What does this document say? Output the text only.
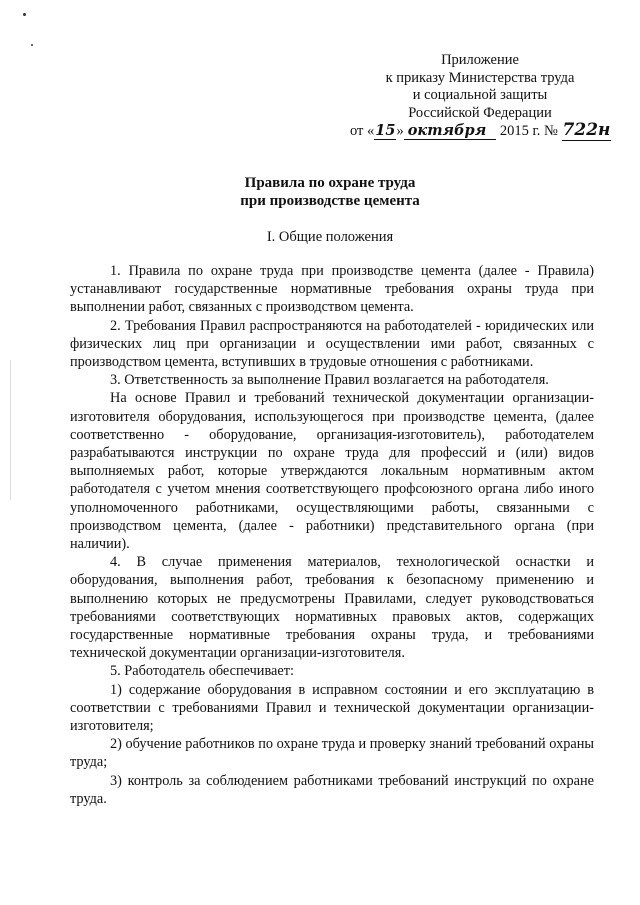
Приложение
к приказу Министерства труда
и социальной защиты
Российской Федерации
от «15» октября 2015 г. № 722н
Правила по охране труда
при производстве цемента
I. Общие положения

1. Правила по охране труда при производстве цемента (далее - Правила) устанавливают государственные нормативные требования охраны труда при выполнении работ, связанных с производством цемента.

2. Требования Правил распространяются на работодателей - юридических или физических лиц при организации и осуществлении ими работ, связанных с производством цемента, вступивших в трудовые отношения с работниками.

3. Ответственность за выполнение Правил возлагается на работодателя.

На основе Правил и требований технической документации организации-изготовителя оборудования, использующегося при производстве цемента, (далее соответственно - оборудование, организация-изготовитель), работодателем разрабатываются инструкции по охране труда для профессий и (или) видов выполняемых работ, которые утверждаются локальным нормативным актом работодателя с учетом мнения соответствующего профсоюзного органа либо иного уполномоченного работниками, осуществляющими работы, связанными с производством цемента, (далее - работники) представительного органа (при наличии).

4. В случае применения материалов, технологической оснастки и оборудования, выполнения работ, требования к безопасному применению и выполнению которых не предусмотрены Правилами, следует руководствоваться требованиями соответствующих нормативных правовых актов, содержащих государственные нормативные требования охраны труда, и требованиями технической документации организации-изготовителя.

5. Работодатель обеспечивает:

1) содержание оборудования в исправном состоянии и его эксплуатацию в соответствии с требованиями Правил и технической документации организации-изготовителя;

2) обучение работников по охране труда и проверку знаний требований охраны труда;

3) контроль за соблюдением работниками требований инструкций по охране труда.
